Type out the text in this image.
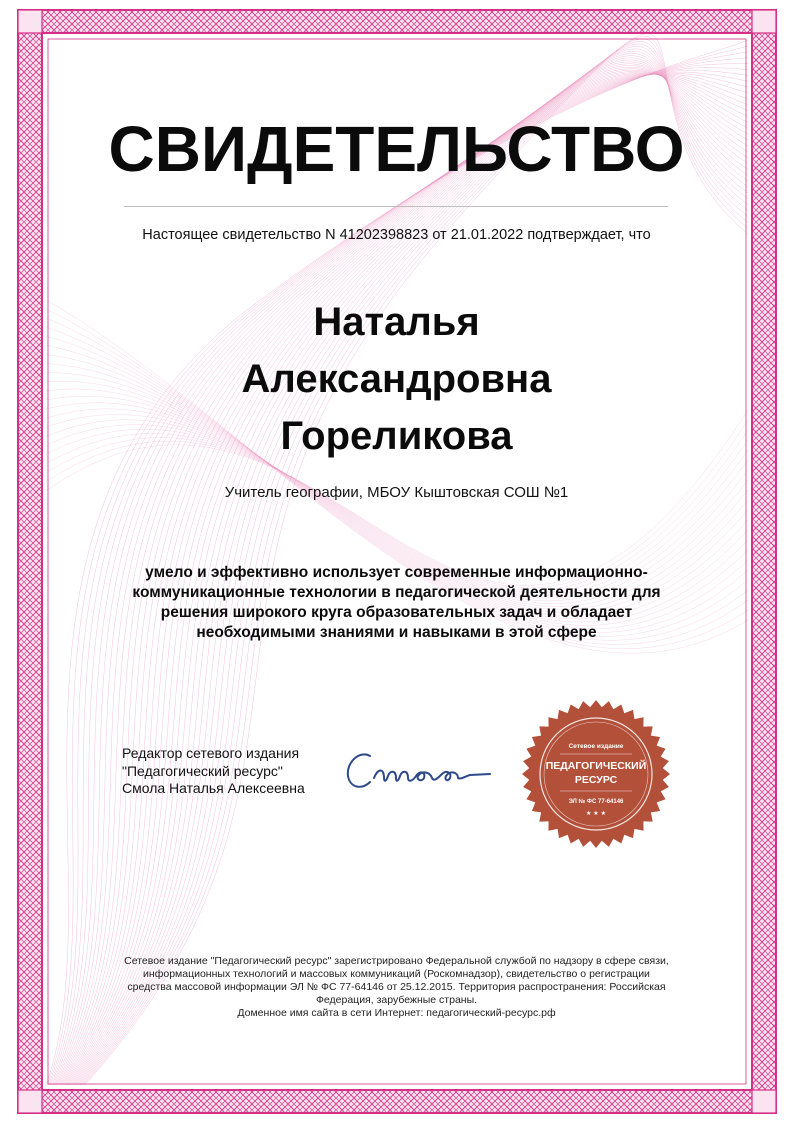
СВИДЕТЕЛЬСТВО
Настоящее свидетельство N 41202398823 от 21.01.2022 подтверждает, что
Наталья
Александровна
Гореликова
Учитель географии, МБОУ Кыштовская СОШ №1
умело и эффективно использует современные информационно-коммуникационные технологии в педагогической деятельности для решения широкого круга образовательных задач и обладает необходимыми знаниями и навыками в этой сфере
Редактор сетевого издания
"Педагогический ресурс"
Смола Наталья Алексеевна
Сетевое издание
ПЕДАГОГИЧЕСКИЙ
РЕСУРС
ЭЛ № ФС 77-64146
★ ★ ★
Сетевое издание "Педагогический ресурс" зарегистрировано Федеральной службой по надзору в сфере связи, информационных технологий и массовых коммуникаций (Роскомнадзор), свидетельство о регистрации средства массовой информации ЭЛ № ФС 77-64146 от 25.12.2015. Территория распространения: Российская Федерация, зарубежные страны.
Доменное имя сайта в сети Интернет: педагогический-ресурс.рф
